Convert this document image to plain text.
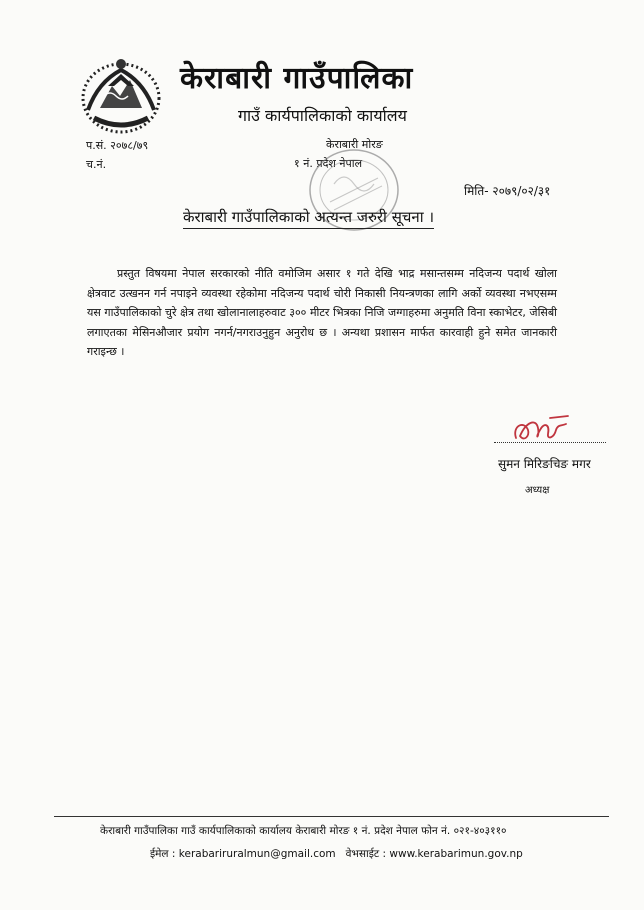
केराबारी गाउँपालिका
गाउँ कार्यपालिकाको कार्यालय
प.सं. २०७८/७९
च.नं.
केराबारी मोरङ
१ नं. प्रदेश नेपाल
मिति- २०७९/०२/३१
केराबारी गाउँपालिकाको अत्यन्त जरुरी सूचना ।
प्रस्तुत विषयमा नेपाल सरकारको नीति वमोजिम असार १ गते देखि भाद्र मसान्तसम्म नदिजन्य पदार्थ खोला क्षेत्रवाट उत्खनन गर्न नपाइने व्यवस्था रहेकोमा नदिजन्य पदार्थ चोरी निकासी नियन्त्रणका लागि अर्को व्यवस्था नभएसम्म यस गाउँपालिकाको चुरे क्षेत्र तथा खोलानालाहरुवाट ३०० मीटर भित्रका निजि जग्गाहरुमा अनुमति विना स्काभेटर, जेसिबी लगाएतका मेसिनऔजार प्रयोग नगर्न/नगराउनुहुन अनुरोध छ । अन्यथा प्रशासन मार्फत कारवाही हुने समेत जानकारी गराइन्छ ।
सुमन मिरिङचिङ मगर
अध्यक्ष
केराबारी गाउँपालिका गाउँ कार्यपालिकाको कार्यालय केराबारी मोरङ १ नं. प्रदेश नेपाल फोन नं. ०२१-४०३११०
ईमेल : kerabariruralmun@gmail.com वेभसाईट : www.kerabarimun.gov.np
